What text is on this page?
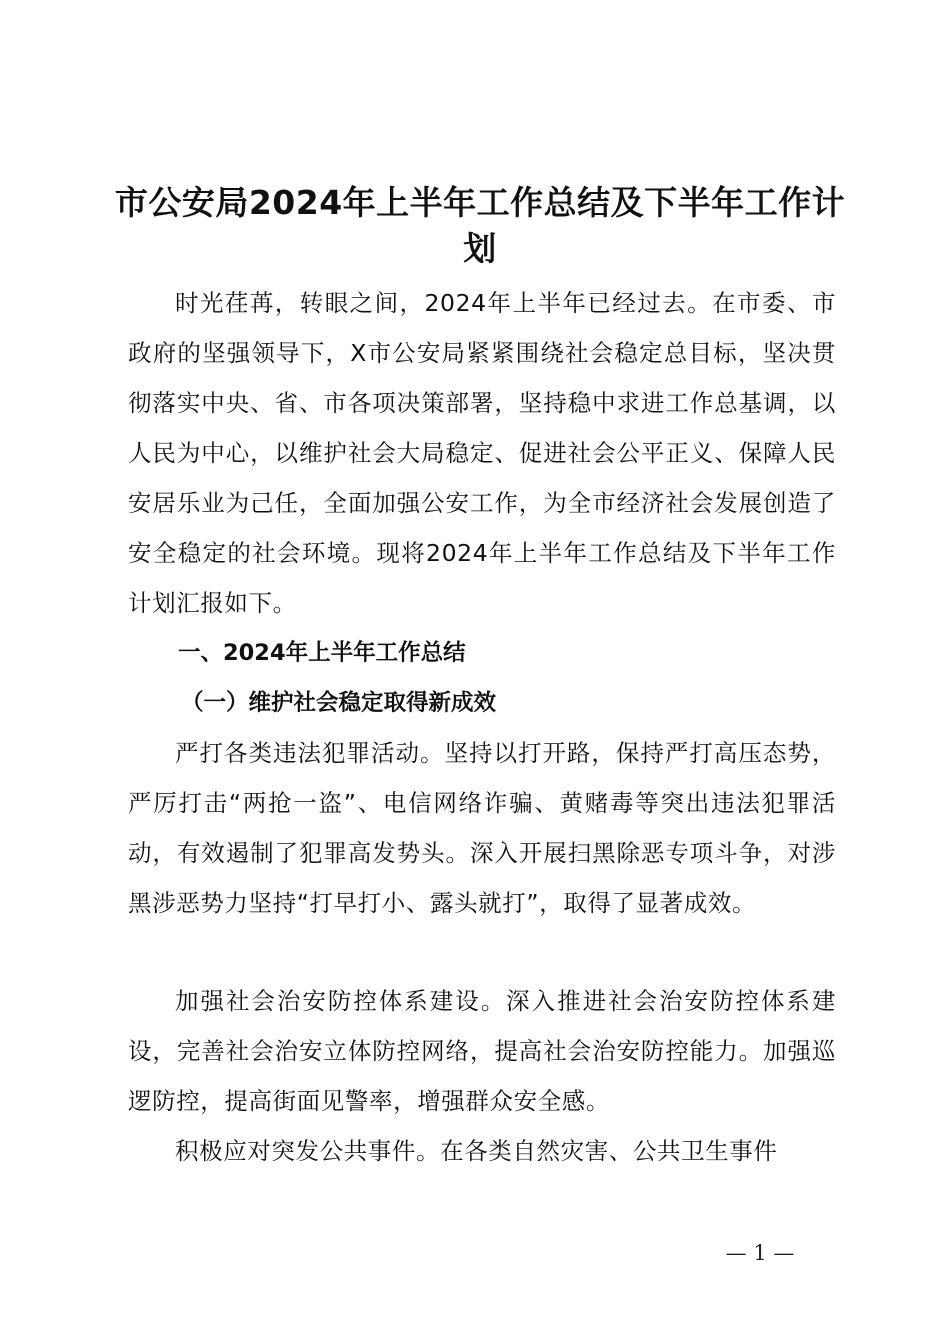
市公安局2024年上半年工作总结及下半年工作计划

时光荏苒，转眼之间，2024年上半年已经过去。在市委、市政府的坚强领导下，X市公安局紧紧围绕社会稳定总目标，坚决贯彻落实中央、省、市各项决策部署，坚持稳中求进工作总基调，以人民为中心，以维护社会大局稳定、促进社会公平正义、保障人民安居乐业为己任，全面加强公安工作，为全市经济社会发展创造了安全稳定的社会环境。现将2024年上半年工作总结及下半年工作计划汇报如下。

一、2024年上半年工作总结

（一）维护社会稳定取得新成效

严打各类违法犯罪活动。坚持以打开路，保持严打高压态势，严厉打击“两抢一盗”、电信网络诈骗、黄赌毒等突出违法犯罪活动，有效遏制了犯罪高发势头。深入开展扫黑除恶专项斗争，对涉黑涉恶势力坚持“打早打小、露头就打”，取得了显著成效。

加强社会治安防控体系建设。深入推进社会治安防控体系建设，完善社会治安立体防控网络，提高社会治安防控能力。加强巡逻防控，提高街面见警率，增强群众安全感。

积极应对突发公共事件。在各类自然灾害、公共卫生事件

— 1 —
